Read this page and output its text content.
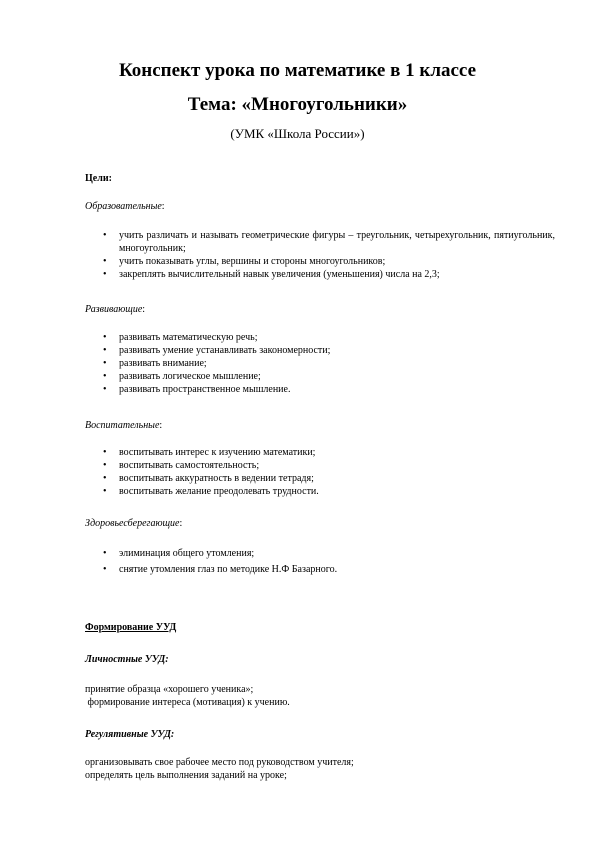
Конспект урока по математике в 1 классе
Тема: «Многоугольники»
(УМК «Школа России»)
Цели:
Образовательные:
• учить различать и называть геометрические фигуры – треугольник, четырехугольник, пятиугольник, многоугольник;
• учить показывать углы, вершины и стороны многоугольников;
• закреплять вычислительный навык увеличения (уменьшения) числа на 2,3;
Развивающие:
• развивать математическую речь;
• развивать умение устанавливать закономерности;
• развивать внимание;
• развивать логическое мышление;
• развивать пространственное мышление.
Воспитательные:
• воспитывать интерес к изучению математики;
• воспитывать самостоятельность;
• воспитывать аккуратность в ведении тетрадя;
• воспитывать желание преодолевать трудности.
Здоровьесберегающие:
• элиминация общего утомления;
• снятие утомления глаз по методике Н.Ф Базарного.
Формирование УУД
Личностные УУД:

принятие образца «хорошего ученика»;

формирование интереса (мотивация) к учению.

Регулятивные УУД:

организовывать свое рабочее место под руководством учителя;

определять цель выполнения заданий на уроке;
